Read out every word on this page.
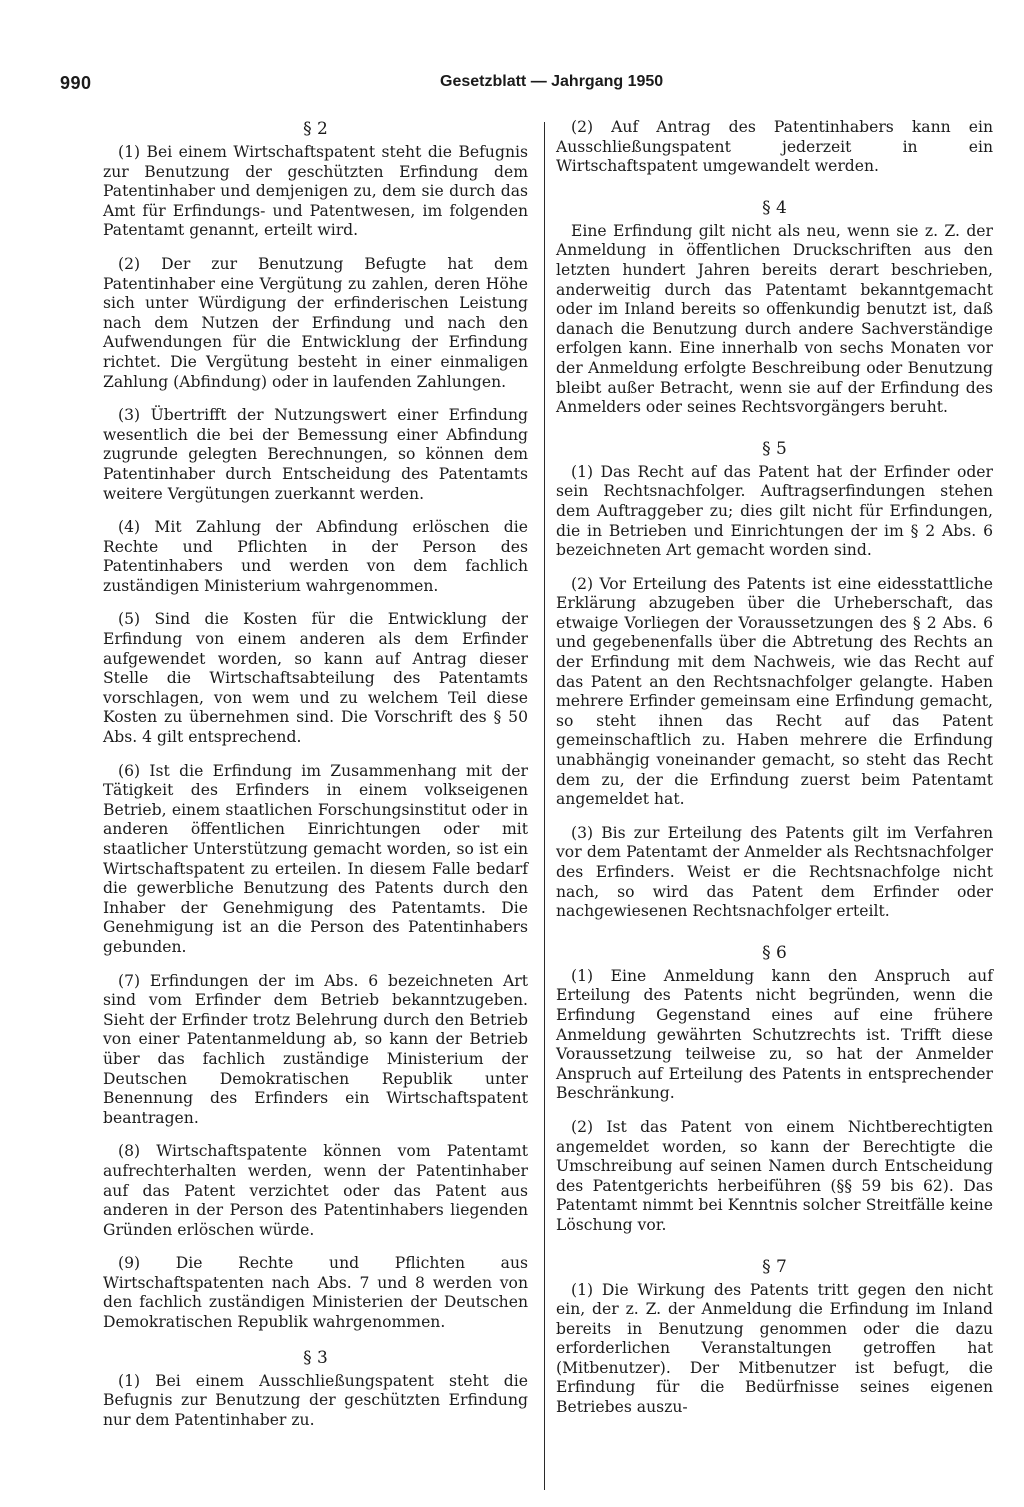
990	Gesetzblatt — Jahrgang 1950
§ 2

(1) Bei einem Wirtschaftspatent steht die Befugnis zur Benutzung der geschützten Erfindung dem Patentinhaber und demjenigen zu, dem sie durch das Amt für Erfindungs- und Patentwesen, im folgenden Patentamt genannt, erteilt wird.

(2) Der zur Benutzung Befugte hat dem Patentinhaber eine Vergütung zu zahlen, deren Höhe sich unter Würdigung der erfinderischen Leistung nach dem Nutzen der Erfindung und nach den Aufwendungen für die Entwicklung der Erfindung richtet. Die Vergütung besteht in einer einmaligen Zahlung (Abfindung) oder in laufenden Zahlungen.

(3) Übertrifft der Nutzungswert einer Erfindung wesentlich die bei der Bemessung einer Abfindung zugrunde gelegten Berechnungen, so können dem Patentinhaber durch Entscheidung des Patentamts weitere Vergütungen zuerkannt werden.

(4) Mit Zahlung der Abfindung erlöschen die Rechte und Pflichten in der Person des Patentinhabers und werden von dem fachlich zuständigen Ministerium wahrgenommen.

(5) Sind die Kosten für die Entwicklung der Erfindung von einem anderen als dem Erfinder aufgewendet worden, so kann auf Antrag dieser Stelle die Wirtschaftsabteilung des Patentamts vorschlagen, von wem und zu welchem Teil diese Kosten zu übernehmen sind. Die Vorschrift des § 50 Abs. 4 gilt entsprechend.

(6) Ist die Erfindung im Zusammenhang mit der Tätigkeit des Erfinders in einem volkseigenen Betrieb, einem staatlichen Forschungsinstitut oder in anderen öffentlichen Einrichtungen oder mit staatlicher Unterstützung gemacht worden, so ist ein Wirtschaftspatent zu erteilen. In diesem Falle bedarf die gewerbliche Benutzung des Patents durch den Inhaber der Genehmigung des Patentamts. Die Genehmigung ist an die Person des Patentinhabers gebunden.

(7) Erfindungen der im Abs. 6 bezeichneten Art sind vom Erfinder dem Betrieb bekanntzugeben. Sieht der Erfinder trotz Belehrung durch den Betrieb von einer Patentanmeldung ab, so kann der Betrieb über das fachlich zuständige Ministerium der Deutschen Demokratischen Republik unter Benennung des Erfinders ein Wirtschaftspatent beantragen.

(8) Wirtschaftspatente können vom Patentamt aufrechterhalten werden, wenn der Patentinhaber auf das Patent verzichtet oder das Patent aus anderen in der Person des Patentinhabers liegenden Gründen erlöschen würde.

(9) Die Rechte und Pflichten aus Wirtschaftspatenten nach Abs. 7 und 8 werden von den fachlich zuständigen Ministerien der Deutschen Demokratischen Republik wahrgenommen.

§ 3

(1) Bei einem Ausschließungspatent steht die Befugnis zur Benutzung der geschützten Erfindung nur dem Patentinhaber zu.

(2) Auf Antrag des Patentinhabers kann ein Ausschließungspatent jederzeit in ein Wirtschaftspatent umgewandelt werden.

§ 4

Eine Erfindung gilt nicht als neu, wenn sie z. Z. der Anmeldung in öffentlichen Druckschriften aus den letzten hundert Jahren bereits derart beschrieben, anderweitig durch das Patentamt bekanntgemacht oder im Inland bereits so offenkundig benutzt ist, daß danach die Benutzung durch andere Sachverständige erfolgen kann. Eine innerhalb von sechs Monaten vor der Anmeldung erfolgte Beschreibung oder Benutzung bleibt außer Betracht, wenn sie auf der Erfindung des Anmelders oder seines Rechtsvorgängers beruht.

§ 5

(1) Das Recht auf das Patent hat der Erfinder oder sein Rechtsnachfolger. Auftragserfindungen stehen dem Auftraggeber zu; dies gilt nicht für Erfindungen, die in Betrieben und Einrichtungen der im § 2 Abs. 6 bezeichneten Art gemacht worden sind.

(2) Vor Erteilung des Patents ist eine eidesstattliche Erklärung abzugeben über die Urheberschaft, das etwaige Vorliegen der Voraussetzungen des § 2 Abs. 6 und gegebenenfalls über die Abtretung des Rechts an der Erfindung mit dem Nachweis, wie das Recht auf das Patent an den Rechtsnachfolger gelangte. Haben mehrere Erfinder gemeinsam eine Erfindung gemacht, so steht ihnen das Recht auf das Patent gemeinschaftlich zu. Haben mehrere die Erfindung unabhängig voneinander gemacht, so steht das Recht dem zu, der die Erfindung zuerst beim Patentamt angemeldet hat.

(3) Bis zur Erteilung des Patents gilt im Verfahren vor dem Patentamt der Anmelder als Rechtsnachfolger des Erfinders. Weist er die Rechtsnachfolge nicht nach, so wird das Patent dem Erfinder oder nachgewiesenen Rechtsnachfolger erteilt.

§ 6

(1) Eine Anmeldung kann den Anspruch auf Erteilung des Patents nicht begründen, wenn die Erfindung Gegenstand eines auf eine frühere Anmeldung gewährten Schutzrechts ist. Trifft diese Voraussetzung teilweise zu, so hat der Anmelder Anspruch auf Erteilung des Patents in entsprechender Beschränkung.

(2) Ist das Patent von einem Nichtberechtigten angemeldet worden, so kann der Berechtigte die Umschreibung auf seinen Namen durch Entscheidung des Patentgerichts herbeiführen (§§ 59 bis 62). Das Patentamt nimmt bei Kenntnis solcher Streitfälle keine Löschung vor.

§ 7

(1) Die Wirkung des Patents tritt gegen den nicht ein, der z. Z. der Anmeldung die Erfindung im Inland bereits in Benutzung genommen oder die dazu erforderlichen Veranstaltungen getroffen hat (Mitbenutzer). Der Mitbenutzer ist befugt, die Erfindung für die Bedürfnisse seines eigenen Betriebes auszu-
